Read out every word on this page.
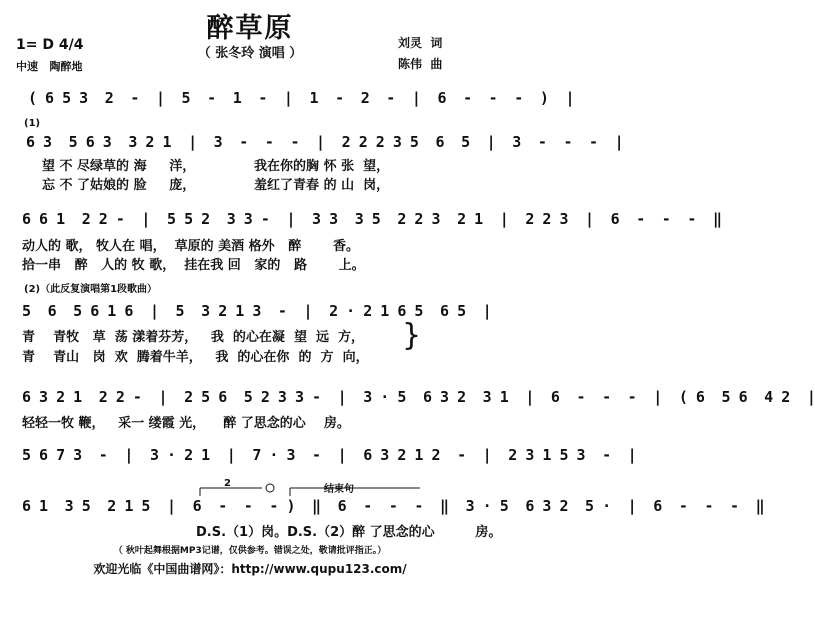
醉草原
（ 张冬玲 演唱 ）
1= D 4/4
中速   陶醉地
刘灵  词
陈伟  曲
( 6 5 3  2  -  |  5  -  1  -  |  1  -  2  -  |  6  -  -  -  )  |
(1)
6 3  5 6 3  3 2 1  |  3  -  -  -  |  2 2 2 3 5  6  5  |  3  -  -  -  |
望 不 尽绿草的 海     洋，             我在你的胸 怀 张  望，
忘 不 了姑娘的 脸     庞，             羞红了青春 的 山  岗，
6 6 1  2 2 -  |  5 5 2  3 3 -  |  3 3  3 5  2 2 3  2 1  |  2 2 3  |  6  -  -  -  ‖
动人的 歌， 牧人在 唱，  草原的 美酒 格外   醉       香。
拾一串   醉   人的 牧 歌，  挂在我 回   家的   路       上。
(2)（此反复演唱第1段歌曲）
5  6  5 6 1 6  |  5  3 2 1 3  -  |  2 · 2 1 6 5  6 5  |
青    青牧   草  荡 漾着芬芳，   我  的心在凝  望  远  方，
青    青山   岗  欢  腾着牛羊，   我  的心在你  的  方  向，
}
6 3 2 1  2 2 -  |  2 5 6  5 2 3 3 -  |  3 · 5  6 3 2  3 1  |  6  -  -  -  |  ( 6  5 6  4 2  |
轻轻一牧 鞭，   采一 缕霞 光，    醉 了思念的心    房。
5 6 7 3  -  |  3 · 2 1  |  7 · 3  -  |  6 3 2 1 2  -  |  2 3 1 5 3  -  |
2
结束句
6 1  3 5  2 1 5  |  6  -  -  - )  ‖  6  -  -  -  ‖  3 · 5  6 3 2  5 ·  |  6  -  -  -  ‖
D.S.（1）岗。D.S.（2）醉 了思念的心         房。
（ 秋叶起舞根据MP3记谱，仅供参考。错误之处，敬请批评指正。）
欢迎光临《中国曲谱网》：http://www.qupu123.com/
